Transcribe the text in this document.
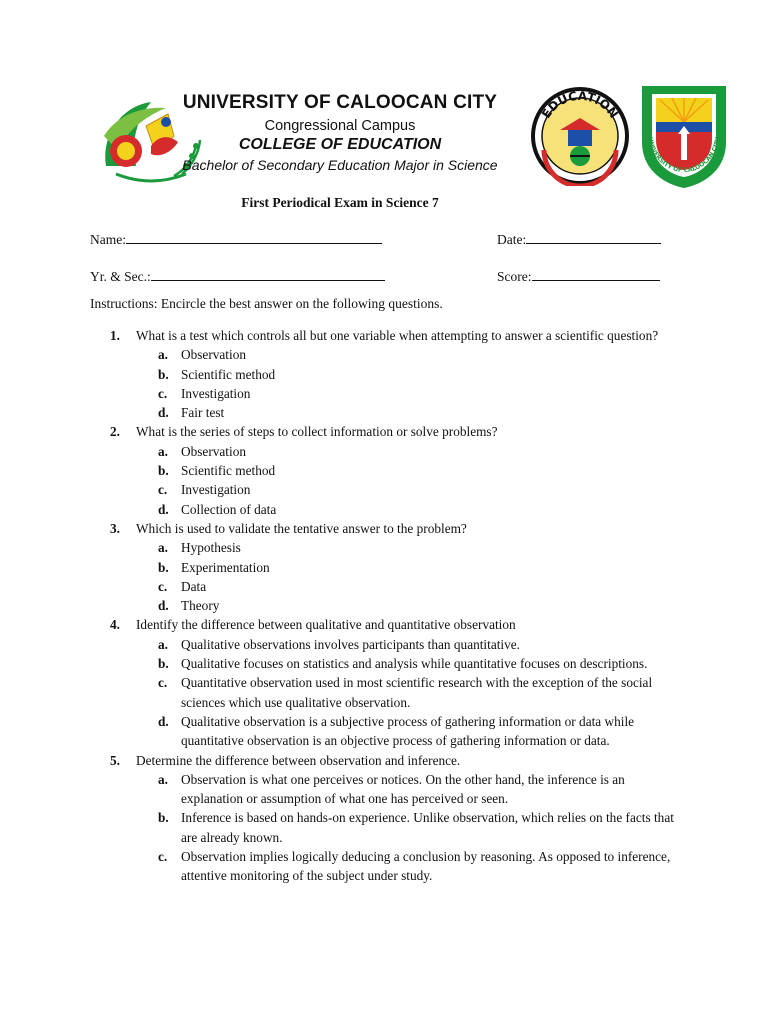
EDUCATION
UNIVERSITY OF CALOOCAN CITY
UNIVERSITY OF CALOOCAN CITY
Congressional Campus
COLLEGE OF EDUCATION
Bachelor of Secondary Education Major in Science
First Periodical Exam in Science 7
Name:	Date:
Yr. & Sec.:	Score:
Instructions: Encircle the best answer on the following questions.
1. What is a test which controls all but one variable when attempting to answer a scientific question?
a. Observation
b. Scientific method
c. Investigation
d. Fair test
2. What is the series of steps to collect information or solve problems?
a. Observation
b. Scientific method
c. Investigation
d. Collection of data
3. Which is used to validate the tentative answer to the problem?
a. Hypothesis
b. Experimentation
c. Data
d. Theory
4. Identify the difference between qualitative and quantitative observation
a. Qualitative observations involves participants than quantitative.
b. Qualitative focuses on statistics and analysis while quantitative focuses on descriptions.
c. Quantitative observation used in most scientific research with the exception of the social sciences which use qualitative observation.
d. Qualitative observation is a subjective process of gathering information or data while quantitative observation is an objective process of gathering information or data.
5. Determine the difference between observation and inference.
a. Observation is what one perceives or notices. On the other hand, the inference is an explanation or assumption of what one has perceived or seen.
b. Inference is based on hands-on experience. Unlike observation, which relies on the facts that are already known.
c. Observation implies logically deducing a conclusion by reasoning. As opposed to inference, attentive monitoring of the subject under study.
